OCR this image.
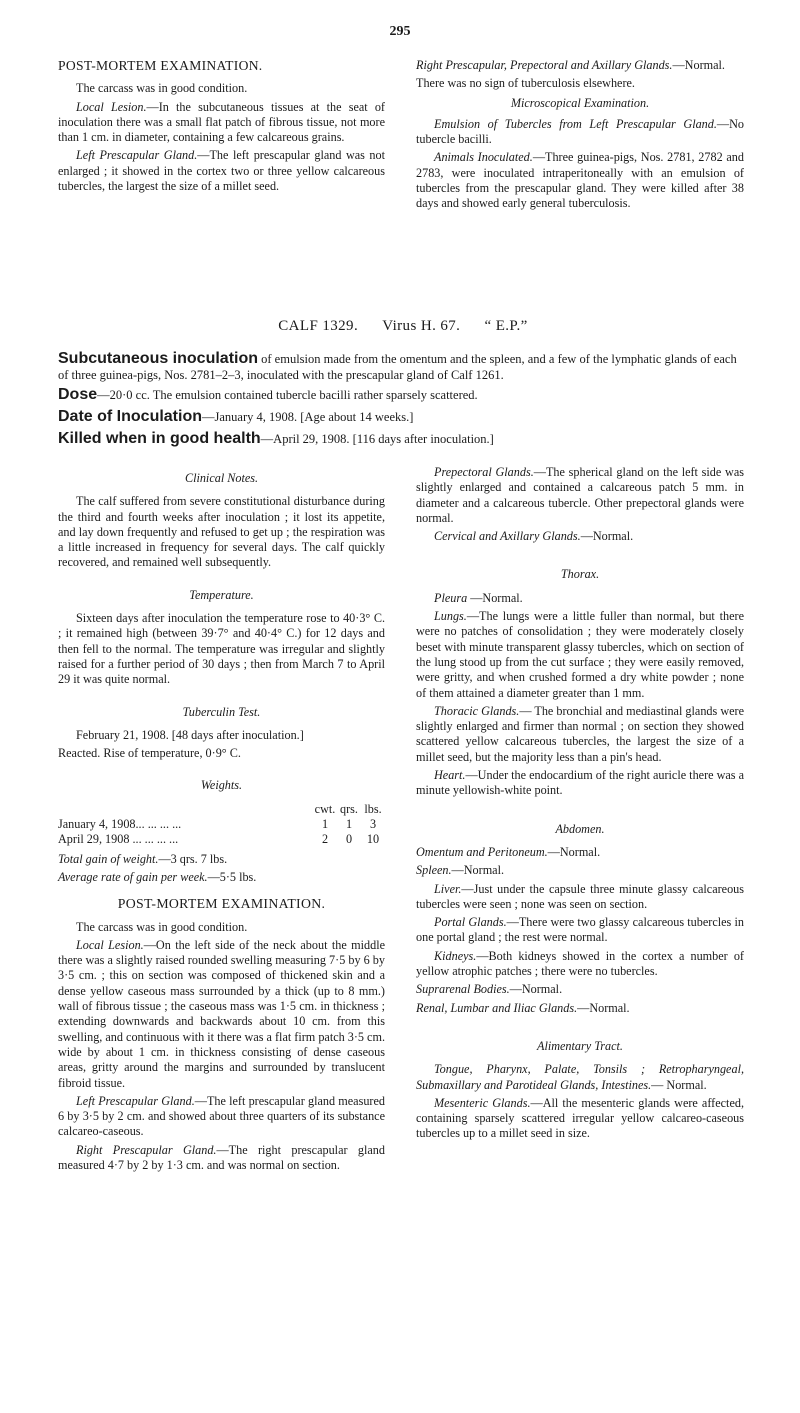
295
POST-MORTEM EXAMINATION.

The carcass was in good condition.

Local Lesion.—In the subcutaneous tissues at the seat of inoculation there was a small flat patch of fibrous tissue, not more than 1 cm. in diameter, containing a few calcareous grains.

Left Prescapular Gland.—The left prescapular gland was not enlarged ; it showed in the cortex two or three yellow calcareous tubercles, the largest the size of a millet seed.

Right Prescapular, Prepectoral and Axillary Glands.—Normal.

There was no sign of tuberculosis elsewhere.

Microscopical Examination.

Emulsion of Tubercles from Left Prescapular Gland.—No tubercle bacilli.

Animals Inoculated.—Three guinea-pigs, Nos. 2781, 2782 and 2783, were inoculated intraperitoneally with an emulsion of tubercles from the prescapular gland. They were killed after 38 days and showed early general tuberculosis.

CALF 1329. Virus H. 67. “ E.P.”
Subcutaneous inoculation of emulsion made from the omentum and the spleen, and a few of the lymphatic glands of each of three guinea-pigs, Nos. 2781–2–3, inoculated with the prescapular gland of Calf 1261.
Dose—20·0 cc. The emulsion contained tubercle bacilli rather sparsely scattered.
Date of Inoculation—January 4, 1908. [Age about 14 weeks.]
Killed when in good health—April 29, 1908. [116 days after inoculation.]
Clinical Notes.

The calf suffered from severe constitutional disturbance during the third and fourth weeks after inoculation ; it lost its appetite, and lay down frequently and refused to get up ; the respiration was a little increased in frequency for several days. The calf quickly recovered, and remained well subsequently.

Temperature.

Sixteen days after inoculation the temperature rose to 40·3° C. ; it remained high (between 39·7° and 40·4° C.) for 12 days and then fell to the normal. The temperature was irregular and slightly raised for a further period of 30 days ; then from March 7 to April 29 it was quite normal.

Tuberculin Test.

February 21, 1908. [48 days after inoculation.]

Reacted. Rise of temperature, 0·9° C.

Weights.
	cwt.	qrs.	lbs.
January 4, 1908... ... ... ...	1	1	3
April 29, 1908 ... ... ... ...	2	0	10

Total gain of weight.—3 qrs. 7 lbs.

Average rate of gain per week.—5·5 lbs.

POST-MORTEM EXAMINATION.

The carcass was in good condition.

Local Lesion.—On the left side of the neck about the middle there was a slightly raised rounded swelling measuring 7·5 by 6 by 3·5 cm. ; this on section was composed of thickened skin and a dense yellow caseous mass surrounded by a thick (up to 8 mm.) wall of fibrous tissue ; the caseous mass was 1·5 cm. in thickness ; extending downwards and backwards about 10 cm. from this swelling, and continuous with it there was a flat firm patch 3·5 cm. wide by about 1 cm. in thickness consisting of dense caseous areas, gritty around the margins and surrounded by translucent fibroid tissue.

Left Prescapular Gland.—The left prescapular gland measured 6 by 3·5 by 2 cm. and showed about three quarters of its substance calcareo-caseous.

Right Prescapular Gland.—The right prescapular gland measured 4·7 by 2 by 1·3 cm. and was normal on section.

Prepectoral Glands.—The spherical gland on the left side was slightly enlarged and contained a calcareous patch 5 mm. in diameter and a calcareous tubercle. Other prepectoral glands were normal.

Cervical and Axillary Glands.—Normal.

Thorax.

Pleura —Normal.

Lungs.—The lungs were a little fuller than normal, but there were no patches of consolidation ; they were moderately closely beset with minute transparent glassy tubercles, which on section of the lung stood up from the cut surface ; they were easily removed, were gritty, and when crushed formed a dry white powder ; none of them attained a diameter greater than 1 mm.

Thoracic Glands.— The bronchial and mediastinal glands were slightly enlarged and firmer than normal ; on section they showed scattered yellow calcareous tubercles, the largest the size of a millet seed, but the majority less than a pin's head.

Heart.—Under the endocardium of the right auricle there was a minute yellowish-white point.

Abdomen.

Omentum and Peritoneum.—Normal.

Spleen.—Normal.

Liver.—Just under the capsule three minute glassy calcareous tubercles were seen ; none was seen on section.

Portal Glands.—There were two glassy calcareous tubercles in one portal gland ; the rest were normal.

Kidneys.—Both kidneys showed in the cortex a number of yellow atrophic patches ; there were no tubercles.

Suprarenal Bodies.—Normal.

Renal, Lumbar and Iliac Glands.—Normal.

Alimentary Tract.

Tongue, Pharynx, Palate, Tonsils ; Retropharyngeal, Submaxillary and Parotideal Glands, Intestines.— Normal.

Mesenteric Glands.—All the mesenteric glands were affected, containing sparsely scattered irregular yellow calcareo-caseous tubercles up to a millet seed in size.
